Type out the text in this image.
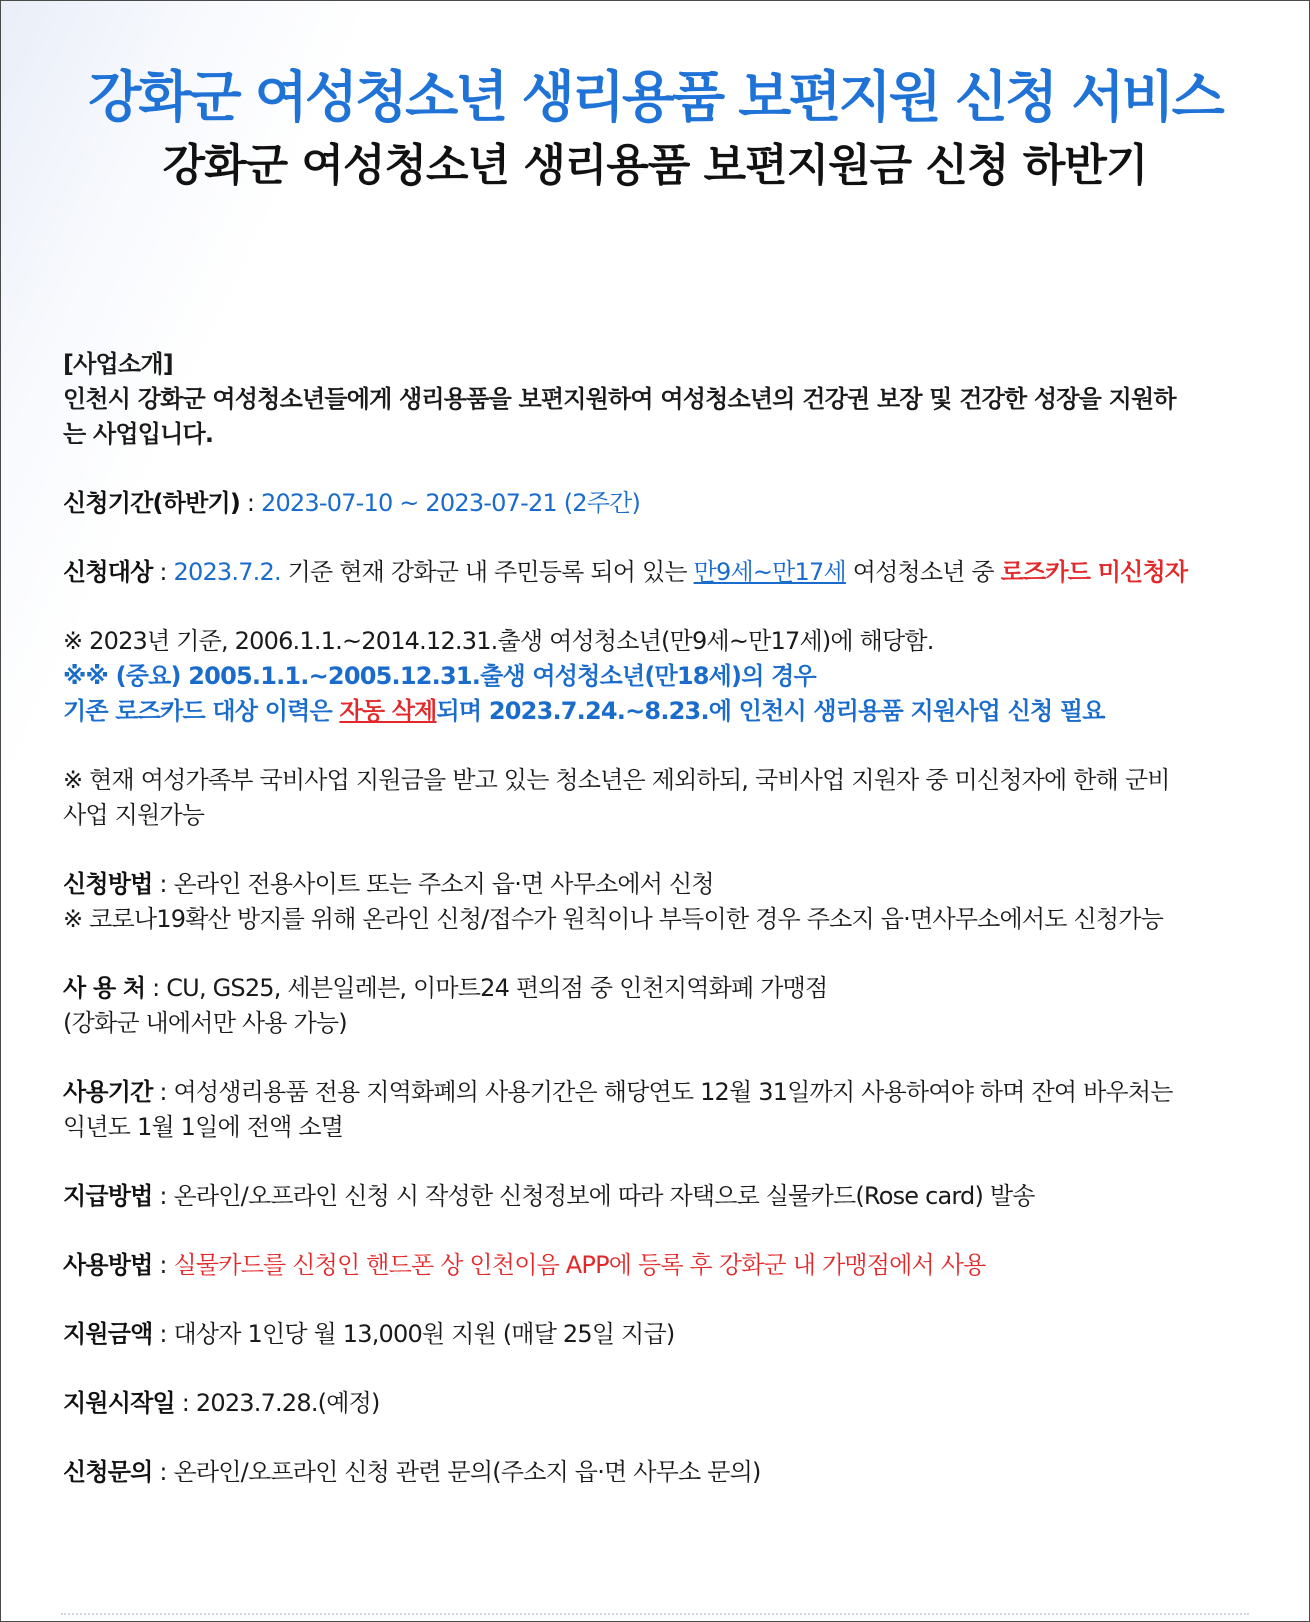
강화군 여성청소년 생리용품 보편지원 신청 서비스
강화군 여성청소년 생리용품 보편지원금 신청 하반기

[사업소개]

인천시 강화군 여성청소년들에게 생리용품을 보편지원하여 여성청소년의 건강권 보장 및 건강한 성장을 지원하는 사업입니다.

신청기간(하반기) : 2023-07-10 ~ 2023-07-21 (2주간)

신청대상 : 2023.7.2. 기준 현재 강화군 내 주민등록 되어 있는 만9세~만17세 여성청소년 중 로즈카드 미신청자

※ 2023년 기준, 2006.1.1.~2014.12.31.출생 여성청소년(만9세~만17세)에 해당함.

※※ (중요) 2005.1.1.~2005.12.31.출생 여성청소년(만18세)의 경우

기존 로즈카드 대상 이력은 자동 삭제되며 2023.7.24.~8.23.에 인천시 생리용품 지원사업 신청 필요

※ 현재 여성가족부 국비사업 지원금을 받고 있는 청소년은 제외하되, 국비사업 지원자 중 미신청자에 한해 군비 사업 지원가능

신청방법 : 온라인 전용사이트 또는 주소지 읍·면 사무소에서 신청

※ 코로나19확산 방지를 위해 온라인 신청/접수가 원칙이나 부득이한 경우 주소지 읍·면사무소에서도 신청가능

사 용 처 : CU, GS25, 세븐일레븐, 이마트24 편의점 중 인천지역화폐 가맹점

(강화군 내에서만 사용 가능)

사용기간 : 여성생리용품 전용 지역화폐의 사용기간은 해당연도 12월 31일까지 사용하여야 하며 잔여 바우처는 익년도 1월 1일에 전액 소멸

지급방법 : 온라인/오프라인 신청 시 작성한 신청정보에 따라 자택으로 실물카드(Rose card) 발송

사용방법 : 실물카드를 신청인 핸드폰 상 인천이음 APP에 등록 후 강화군 내 가맹점에서 사용

지원금액 : 대상자 1인당 월 13,000원 지원 (매달 25일 지급)

지원시작일 : 2023.7.28.(예정)

신청문의 : 온라인/오프라인 신청 관련 문의(주소지 읍·면 사무소 문의)
